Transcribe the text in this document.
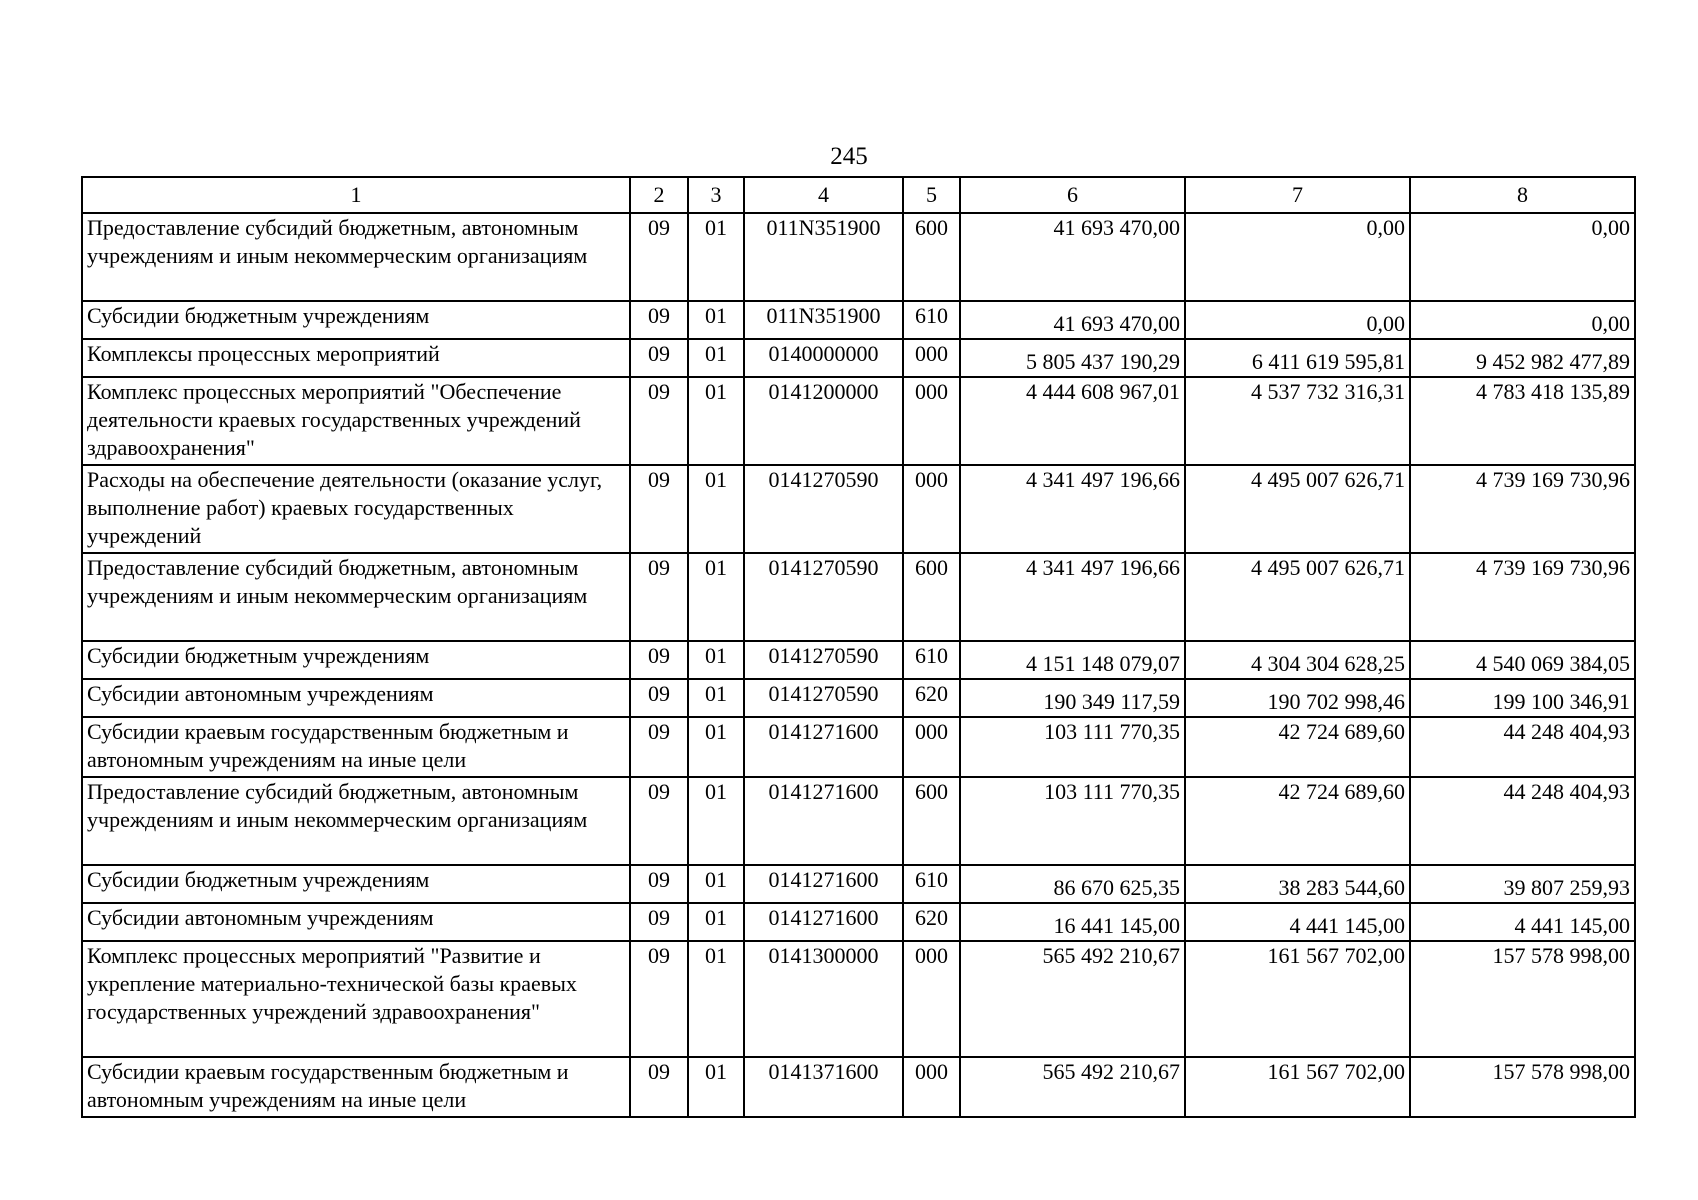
245
1	2	3	4	5	6	7	8
Предоставление субсидий бюджетным, автономным учреждениям и иным некоммерческим организациям	09	01	011N351900	600	41 693 470,00	0,00	0,00
Субсидии бюджетным учреждениям	09	01	011N351900	610	41 693 470,00	0,00	0,00
Комплексы процессных мероприятий	09	01	0140000000	000	5 805 437 190,29	6 411 619 595,81	9 452 982 477,89
Комплекс процессных мероприятий "Обеспечение деятельности краевых государственных учреждений здравоохранения"	09	01	0141200000	000	4 444 608 967,01	4 537 732 316,31	4 783 418 135,89
Расходы на обеспечение деятельности (оказание услуг, выполнение работ) краевых государственных учреждений	09	01	0141270590	000	4 341 497 196,66	4 495 007 626,71	4 739 169 730,96
Предоставление субсидий бюджетным, автономным учреждениям и иным некоммерческим организациям	09	01	0141270590	600	4 341 497 196,66	4 495 007 626,71	4 739 169 730,96
Субсидии бюджетным учреждениям	09	01	0141270590	610	4 151 148 079,07	4 304 304 628,25	4 540 069 384,05
Субсидии автономным учреждениям	09	01	0141270590	620	190 349 117,59	190 702 998,46	199 100 346,91
Субсидии краевым государственным бюджетным и автономным учреждениям на иные цели	09	01	0141271600	000	103 111 770,35	42 724 689,60	44 248 404,93
Предоставление субсидий бюджетным, автономным учреждениям и иным некоммерческим организациям	09	01	0141271600	600	103 111 770,35	42 724 689,60	44 248 404,93
Субсидии бюджетным учреждениям	09	01	0141271600	610	86 670 625,35	38 283 544,60	39 807 259,93
Субсидии автономным учреждениям	09	01	0141271600	620	16 441 145,00	4 441 145,00	4 441 145,00
Комплекс процессных мероприятий "Развитие и укрепление материально-технической базы краевых государственных учреждений здравоохранения"	09	01	0141300000	000	565 492 210,67	161 567 702,00	157 578 998,00
Субсидии краевым государственным бюджетным и автономным учреждениям на иные цели	09	01	0141371600	000	565 492 210,67	161 567 702,00	157 578 998,00
